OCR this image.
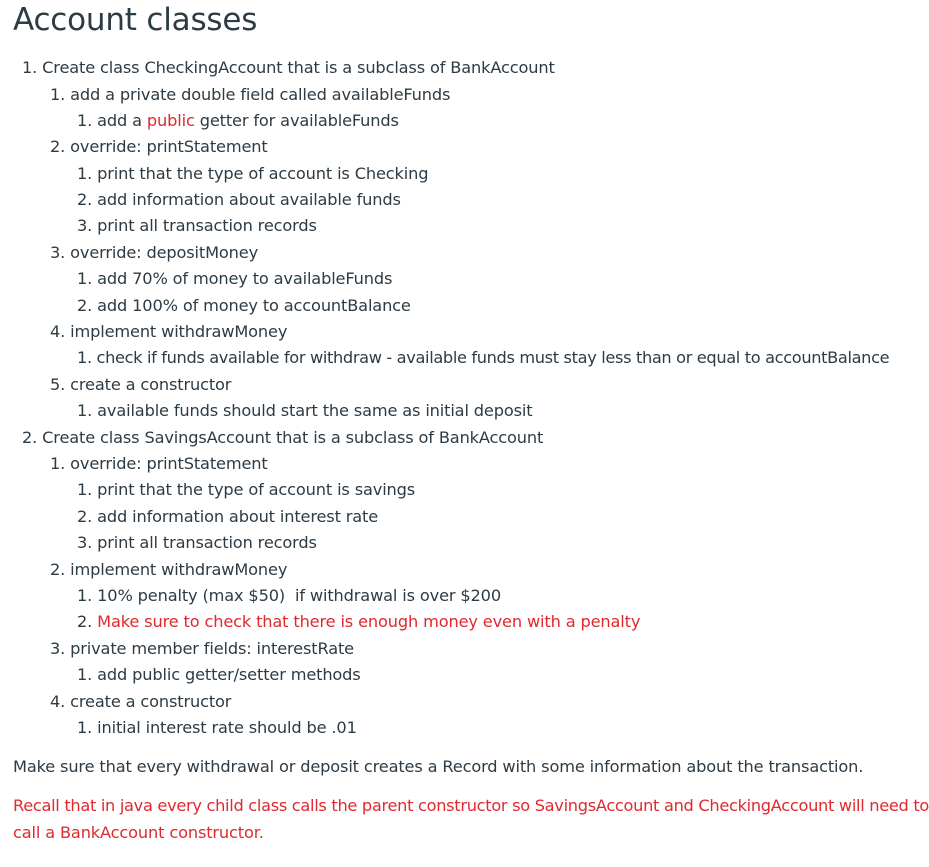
Account classes
1. Create class CheckingAccount that is a subclass of BankAccount
1. add a private double field called availableFunds
1. add a public getter for availableFunds
2. override: printStatement
1. print that the type of account is Checking
2. add information about available funds
3. print all transaction records
3. override: depositMoney
1. add 70% of money to availableFunds
2. add 100% of money to accountBalance
4. implement withdrawMoney
1. check if funds available for withdraw - available funds must stay less than or equal to accountBalance
5. create a constructor
1. available funds should start the same as initial deposit
2. Create class SavingsAccount that is a subclass of BankAccount
1. override: printStatement
1. print that the type of account is savings
2. add information about interest rate
3. print all transaction records
2. implement withdrawMoney
1. 10% penalty (max $50)  if withdrawal is over $200
2. Make sure to check that there is enough money even with a penalty
3. private member fields: interestRate
1. add public getter/setter methods
4. create a constructor
1. initial interest rate should be .01
Make sure that every withdrawal or deposit creates a Record with some information about the transaction.
Recall that in java every child class calls the parent constructor so SavingsAccount and CheckingAccount will need to
call a BankAccount constructor.
